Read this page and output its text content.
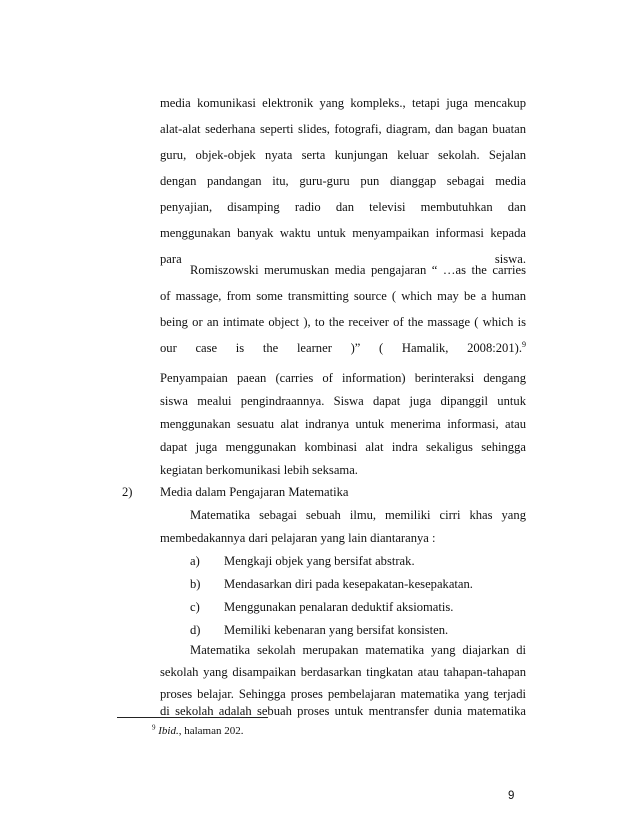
media komunikasi elektronik yang kompleks., tetapi juga mencakup
alat-alat sederhana seperti slides, fotografi, diagram, dan bagan buatan
guru, objek-objek nyata serta kunjungan keluar sekolah. Sejalan
dengan pandangan itu, guru-guru pun dianggap sebagai media
penyajian, disamping radio dan televisi membutuhkan dan
menggunakan banyak waktu untuk menyampaikan informasi kepada
para siswa.
Romiszowski merumuskan media pengajaran “ …as the carries
of massage, from some transmitting source ( which may be a human
being or an intimate object ), to the receiver of the massage ( which is
our case is the learner )” ( Hamalik, 2008:201).$^9$
Penyampaian paean (carries of information) berinteraksi dengang
siswa mealui pengindraannya. Siswa dapat juga dipanggil untuk
menggunakan sesuatu alat indranya untuk menerima informasi, atau
dapat juga menggunakan kombinasi alat indra sekaligus sehingga
kegiatan berkomunikasi lebih seksama.
2) Media dalam Pengajaran Matematika
Matematika sebagai sebuah ilmu, memiliki cirri khas yang
membedakannya dari pelajaran yang lain diantaranya :
a) Mengkaji objek yang bersifat abstrak.
b) Mendasarkan diri pada kesepakatan-kesepakatan.
c) Menggunakan penalaran deduktif aksiomatis.
d) Memiliki kebenaran yang bersifat konsisten.
Matematika sekolah merupakan matematika yang diajarkan di
sekolah yang disampaikan berdasarkan tingkatan atau tahapan-tahapan
proses belajar. Sehingga proses pembelajaran matematika yang terjadi
di sekolah adalah sebuah proses untuk mentransfer dunia matematika
$^9$ Ibid., halaman 202.
9
